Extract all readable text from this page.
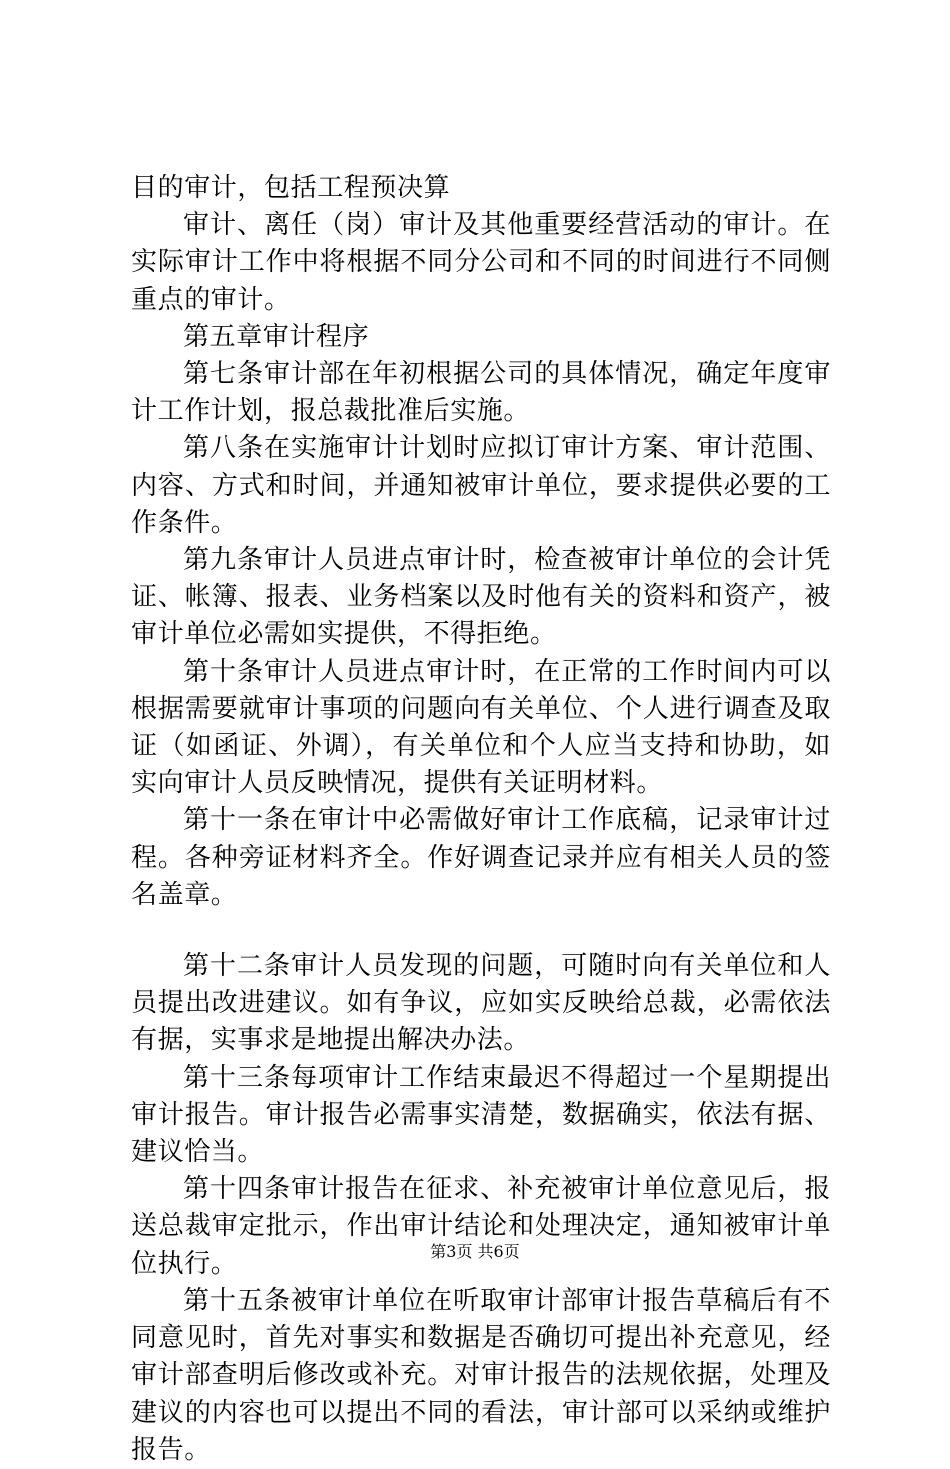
目的审计，包括工程预决算

审计、离任（岗）审计及其他重要经营活动的审计。在实际审计工作中将根据不同分公司和不同的时间进行不同侧重点的审计。

第五章审计程序

第七条审计部在年初根据公司的具体情况，确定年度审计工作计划，报总裁批准后实施。

第八条在实施审计计划时应拟订审计方案、审计范围、内容、方式和时间，并通知被审计单位，要求提供必要的工作条件。

第九条审计人员进点审计时，检查被审计单位的会计凭证、帐簿、报表、业务档案以及时他有关的资料和资产，被审计单位必需如实提供，不得拒绝。

第十条审计人员进点审计时，在正常的工作时间内可以根据需要就审计事项的问题向有关单位、个人进行调查及取证（如函证、外调），有关单位和个人应当支持和协助，如实向审计人员反映情况，提供有关证明材料。

第十一条在审计中必需做好审计工作底稿，记录审计过程。各种旁证材料齐全。作好调查记录并应有相关人员的签名盖章。

第十二条审计人员发现的问题，可随时向有关单位和人员提出改进建议。如有争议，应如实反映给总裁，必需依法有据，实事求是地提出解决办法。

第十三条每项审计工作结束最迟不得超过一个星期提出审计报告。审计报告必需事实清楚，数据确实，依法有据、建议恰当。

第十四条审计报告在征求、补充被审计单位意见后，报送总裁审定批示，作出审计结论和处理决定，通知被审计单位执行。

第十五条被审计单位在听取审计部审计报告草稿后有不同意见时，首先对事实和数据是否确切可提出补充意见，经审计部查明后修改或补充。对审计报告的法规依据，处理及建议的内容也可以提出不同的看法，审计部可以采纳或维护报告。

第3页 共6页
